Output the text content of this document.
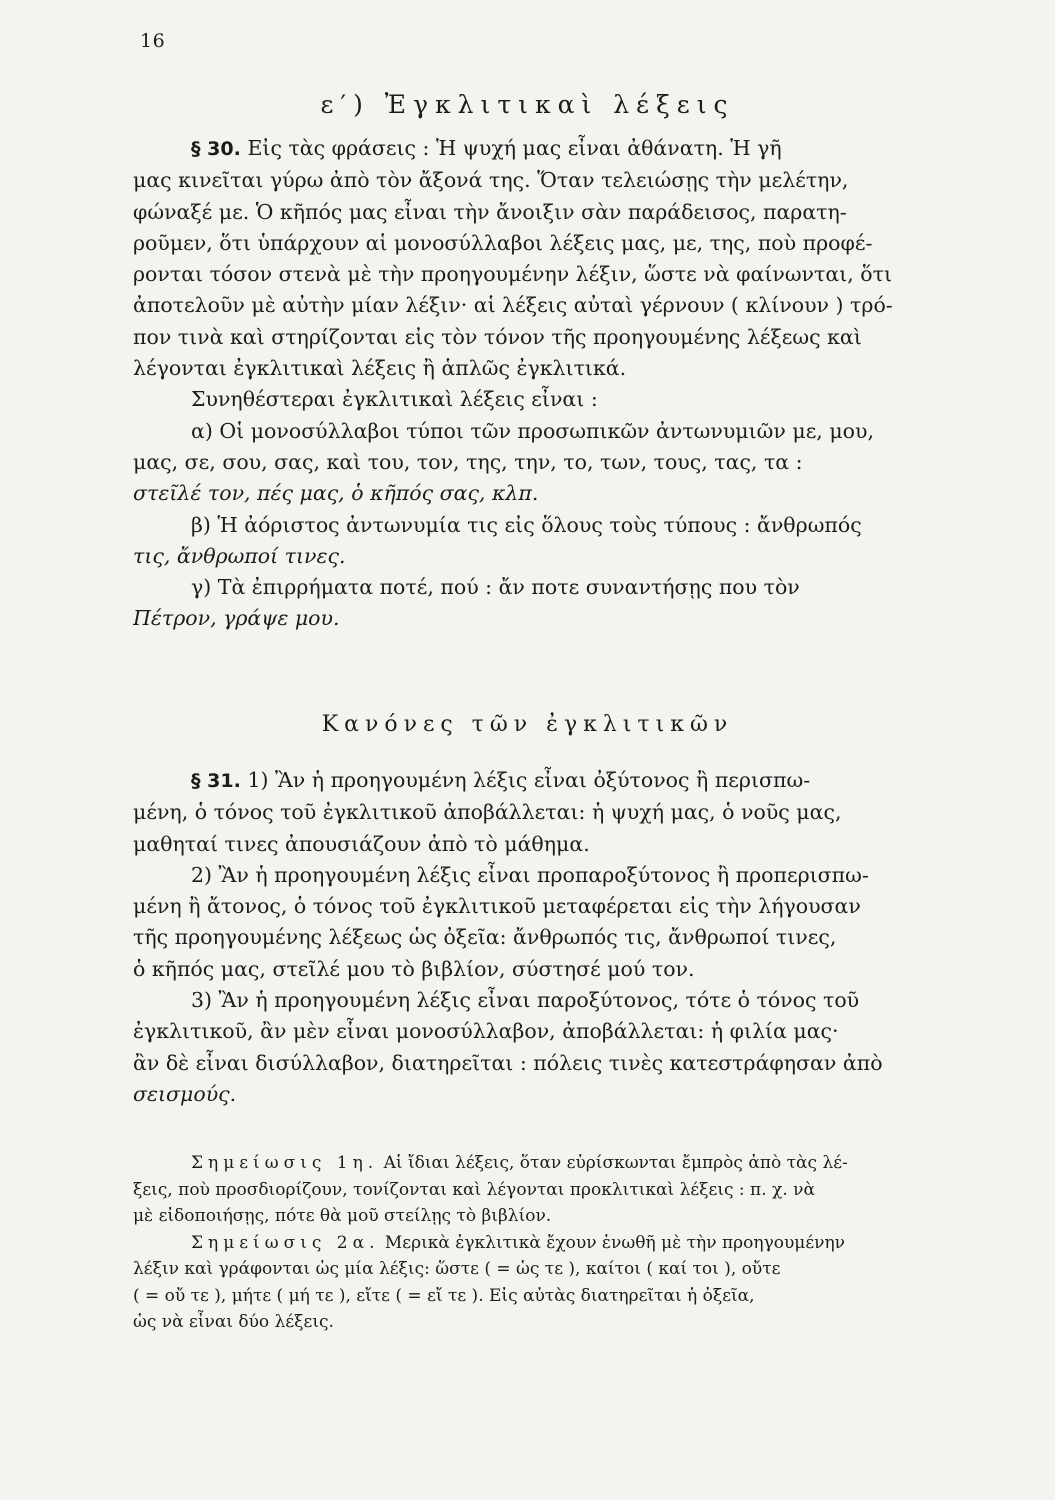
16
ε′) Ἐγκλιτικαὶ λέξεις
§ 30. Εἰς τὰς φράσεις : Ἡ ψυχή μας εἶναι ἀθάνατη. Ἡ γῆ
μας κινεῖται γύρω ἀπὸ τὸν ἄξονά της. Ὅταν τελειώσῃς τὴν μελέτην,
φώναξέ με. Ὁ κῆπός μας εἶναι τὴν ἄνοιξιν σὰν παράδεισος, παρατη-
ροῦμεν, ὅτι ὑπάρχουν αἱ μονοσύλλαβοι λέξεις μας, με, της, ποὺ προφέ-
ρονται τόσον στενὰ μὲ τὴν προηγουμένην λέξιν, ὥστε νὰ φαίνωνται, ὅτι
ἀποτελοῦν μὲ αὐτὴν μίαν λέξιν· αἱ λέξεις αὐταὶ γέρνουν ( κλίνουν ) τρό-
πον τινὰ καὶ στηρίζονται εἰς τὸν τόνον τῆς προηγουμένης λέξεως καὶ
λέγονται ἐγκλιτικαὶ λέξεις ἢ ἁπλῶς ἐγκλιτικά.
Συνηθέστεραι ἐγκλιτικαὶ λέξεις εἶναι :
α) Οἱ μονοσύλλαβοι τύποι τῶν προσωπικῶν ἀντωνυμιῶν με, μου,
μας, σε, σου, σας, καὶ του, τον, της, την, το, των, τους, τας, τα :
στεῖλέ τον, πές μας, ὁ κῆπός σας, κλπ.
β) Ἡ ἀόριστος ἀντωνυμία τις εἰς ὅλους τοὺς τύπους : ἄνθρωπός
τις, ἄνθρωποί τινες.
γ) Τὰ ἐπιρρήματα ποτέ, πού : ἄν ποτε συναντήσῃς που τὸν
Πέτρον, γράψε μου.
Κανόνες τῶν ἐγκλιτικῶν
§ 31. 1) Ἂν ἡ προηγουμένη λέξις εἶναι ὀξύτονος ἢ περισπω-
μένη, ὁ τόνος τοῦ ἐγκλιτικοῦ ἀποβάλλεται: ἡ ψυχή μας, ὁ νοῦς μας,
μαθηταί τινες ἀπουσιάζουν ἀπὸ τὸ μάθημα.
2) Ἂν ἡ προηγουμένη λέξις εἶναι προπαροξύτονος ἢ προπερισπω-
μένη ἢ ἄτονος, ὁ τόνος τοῦ ἐγκλιτικοῦ μεταφέρεται εἰς τὴν λήγουσαν
τῆς προηγουμένης λέξεως ὡς ὀξεῖα: ἄνθρωπός τις, ἄνθρωποί τινες,
ὁ κῆπός μας, στεῖλέ μου τὸ βιβλίον, σύστησέ μού τον.
3) Ἂν ἡ προηγουμένη λέξις εἶναι παροξύτονος, τότε ὁ τόνος τοῦ
ἐγκλιτικοῦ, ἂν μὲν εἶναι μονοσύλλαβον, ἀποβάλλεται: ἡ φιλία μας·
ἂν δὲ εἶναι δισύλλαβον, διατηρεῖται : πόλεις τινὲς κατεστράφησαν ἀπὸ
σεισμούς.
Σημείωσις 1η. Αἱ ἴδιαι λέξεις, ὅταν εὑρίσκωνται ἔμπρὸς ἀπὸ τὰς λέ-
ξεις, ποὺ προσδιορίζουν, τονίζονται καὶ λέγονται προκλιτικαὶ λέξεις : π. χ. νὰ
μὲ εἰδοποιήσῃς, πότε θὰ μοῦ στείλῃς τὸ βιβλίον.
Σημείωσις 2α. Μερικὰ ἐγκλιτικὰ ἔχουν ἑνωθῆ μὲ τὴν προηγουμένην
λέξιν καὶ γράφονται ὡς μία λέξις: ὥστε ( = ὡς τε ), καίτοι ( καί τοι ), οὔτε
( = οὔ τε ), μήτε ( μή τε ), εἴτε ( = εἴ τε ). Εἰς αὐτὰς διατηρεῖται ἡ ὀξεῖα,
ὡς νὰ εἶναι δύο λέξεις.
